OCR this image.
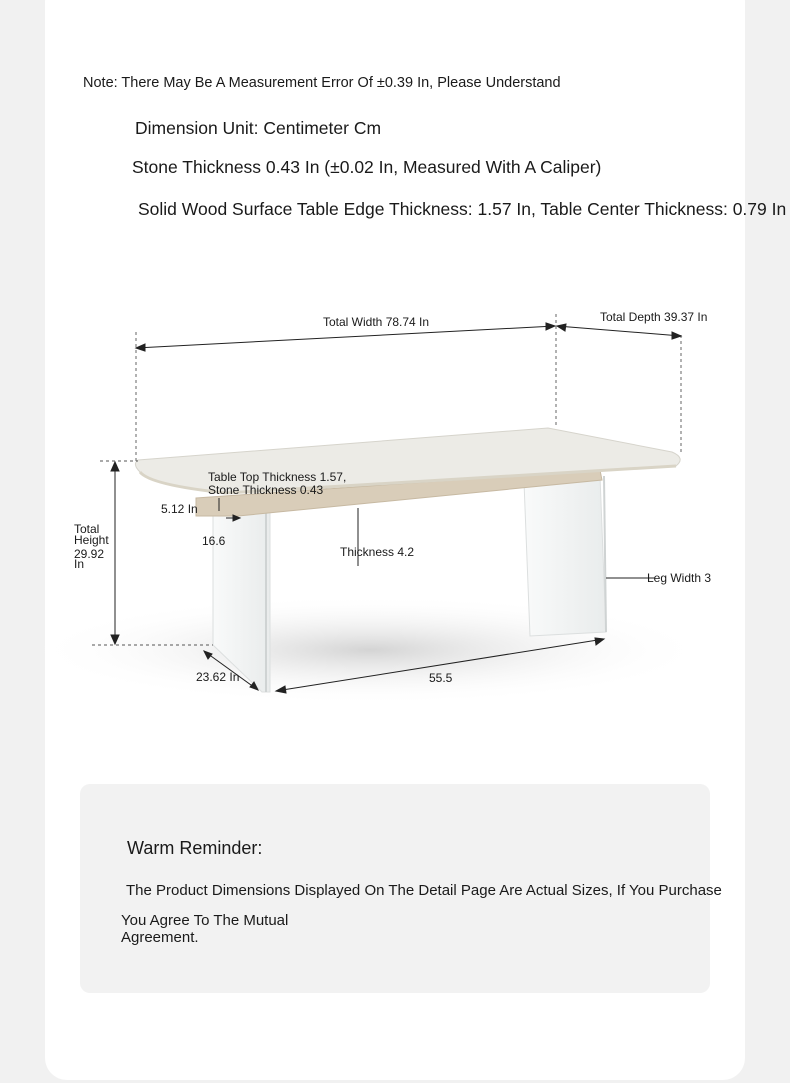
Note: There May Be A Measurement Error Of ±0.39 In, Please Understand
Dimension Unit: Centimeter Cm
Stone Thickness 0.43 In (±0.02 In, Measured With A Caliper)
Solid Wood Surface Table Edge Thickness: 1.57 In, Table Center Thickness: 0.79 In
Total Width 78.74 In	Total Depth 39.37 In
Table Top Thickness 1.57,
Stone Thickness 0.43
5.12 In
16.6
Total
Height
29.92
In
Thickness 4.2
Leg Width 3
23.62 In	55.5
Warm Reminder:
The Product Dimensions Displayed On The Detail Page Are Actual Sizes, If You Purchase
You Agree To The Mutual
Agreement.
